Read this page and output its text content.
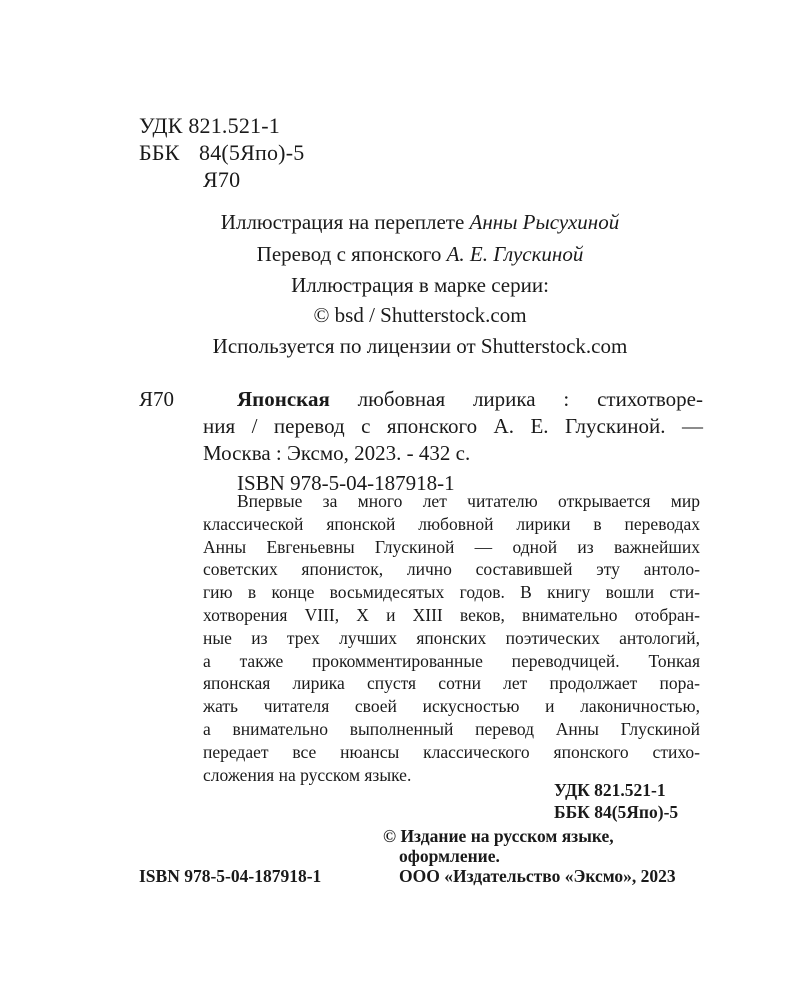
УДК 821.521-1
ББК 84(5Япо)-5
Я70
Иллюстрация на переплете Анны Рысухиной
Перевод с японского А. Е. Глускиной
Иллюстрация в марке серии:
© bsd / Shutterstock.com
Используется по лицензии от Shutterstock.com
Я70	Японская любовная лирика : стихотворе-
ния / перевод с японского А. Е. Глускиной. —
Москва : Эксмо, 2023. - 432 с.
ISBN 978-5-04-187918-1
Впервые за много лет читателю открывается мир
классической японской любовной лирики в переводах
Анны Евгеньевны Глускиной — одной из важнейших
советских японисток, лично составившей эту антоло-
гию в конце восьмидесятых годов. В книгу вошли сти-
хотворения VIII, X и XIII веков, внимательно отобран-
ные из трех лучших японских поэтических антологий,
а также прокомментированные переводчицей. Тонкая
японская лирика спустя сотни лет продолжает пора-
жать читателя своей искусностью и лаконичностью,
а внимательно выполненный перевод Анны Глускиной
передает все нюансы классического японского стихо-
сложения на русском языке.
УДК 821.521-1
ББК 84(5Япо)-5
© Издание на русском языке,
оформление.
ISBN 978-5-04-187918-1	ООО «Издательство «Эксмо», 2023
